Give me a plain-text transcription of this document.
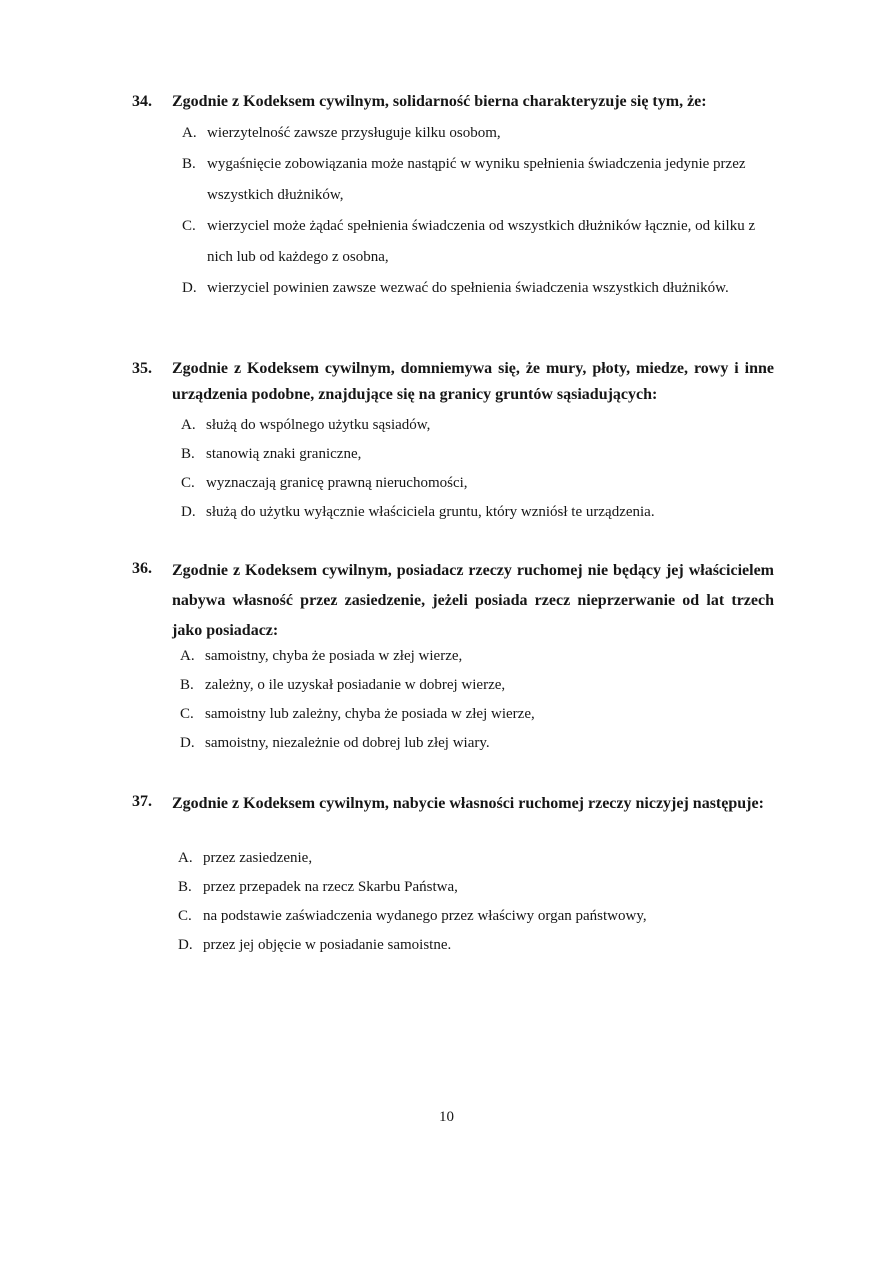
34. Zgodnie z Kodeksem cywilnym, solidarność bierna charakteryzuje się tym, że:
A. wierzytelność zawsze przysługuje kilku osobom,
B. wygaśnięcie zobowiązania może nastąpić w wyniku spełnienia świadczenia jedynie przez wszystkich dłużników,
C. wierzyciel może żądać spełnienia świadczenia od wszystkich dłużników łącznie, od kilku z nich lub od każdego z osobna,
D. wierzyciel powinien zawsze wezwać do spełnienia świadczenia wszystkich dłużników.
35. Zgodnie z Kodeksem cywilnym, domniemywa się, że mury, płoty, miedze, rowy i inne urządzenia podobne, znajdujące się na granicy gruntów sąsiadujących:
A. służą do wspólnego użytku sąsiadów,
B. stanowią znaki graniczne,
C. wyznaczają granicę prawną nieruchomości,
D. służą do użytku wyłącznie właściciela gruntu, który wzniósł te urządzenia.
36. Zgodnie z Kodeksem cywilnym, posiadacz rzeczy ruchomej nie będący jej właścicielem nabywa własność przez zasiedzenie, jeżeli posiada rzecz nieprzerwanie od lat trzech jako posiadacz:
A. samoistny, chyba że posiada w złej wierze,
B. zależny, o ile uzyskał posiadanie w dobrej wierze,
C. samoistny lub zależny, chyba że posiada w złej wierze,
D. samoistny, niezależnie od dobrej lub złej wiary.
37. Zgodnie z Kodeksem cywilnym, nabycie własności ruchomej rzeczy niczyjej następuje:
A. przez zasiedzenie,
B. przez przepadek na rzecz Skarbu Państwa,
C. na podstawie zaświadczenia wydanego przez właściwy organ państwowy,
D. przez jej objęcie w posiadanie samoistne.
10
